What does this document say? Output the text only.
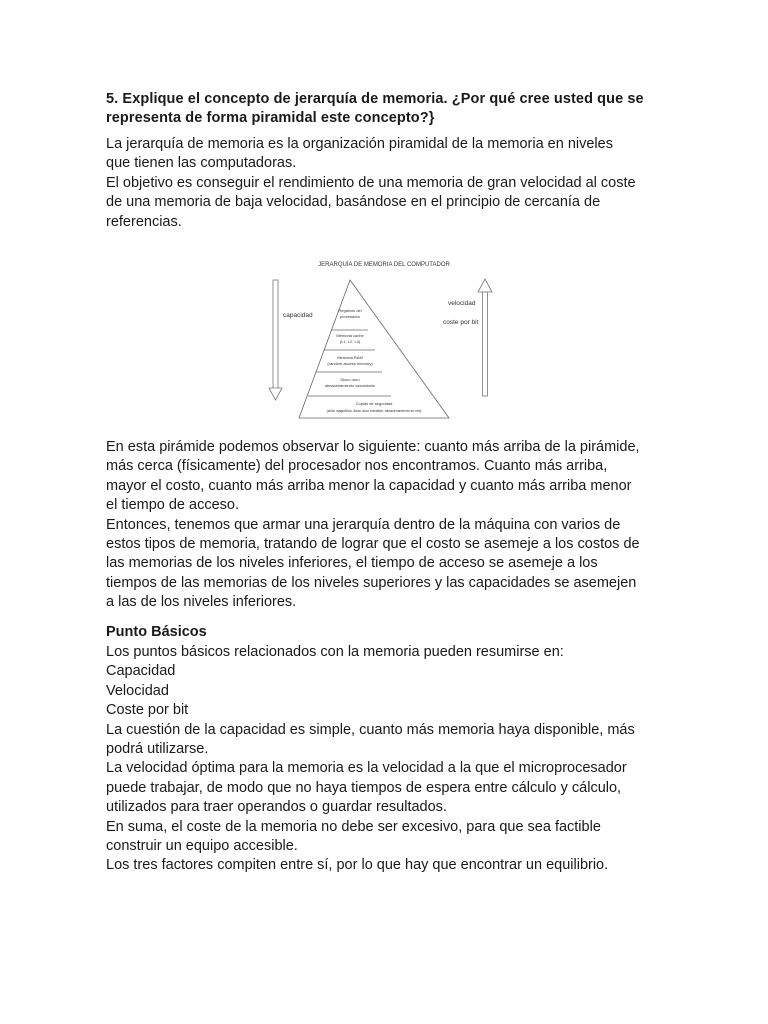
5. Explique el concepto de jerarquía de memoria. ¿Por qué cree usted que se
representa de forma piramidal este concepto?}

La jerarquía de memoria es la organización piramidal de la memoria en niveles
que tienen las computadoras.
El objetivo es conseguir el rendimiento de una memoria de gran velocidad al coste
de una memoria de baja velocidad, basándose en el principio de cercanía de
referencias.

JERARQUÍA DE MEMORIA DEL COMPUTADOR
capacidad
velocidad
coste por bit
Registros del
procesador
Memoria caché
(L1, L2, L3)
Memoria RAM
(random access memory)
Disco duro
almacenamiento secundario
Copias de seguridad
(cinta magnética, disco duro extraíble, almacenamiento en red)

En esta pirámide podemos observar lo siguiente: cuanto más arriba de la pirámide,
más cerca (físicamente) del procesador nos encontramos. Cuanto más arriba,
mayor el costo, cuanto más arriba menor la capacidad y cuanto más arriba menor
el tiempo de acceso.
Entonces, tenemos que armar una jerarquía dentro de la máquina con varios de
estos tipos de memoria, tratando de lograr que el costo se asemeje a los costos de
las memorias de los niveles inferiores, el tiempo de acceso se asemeje a los
tiempos de las memorias de los niveles superiores y las capacidades se asemejen
a las de los niveles inferiores.

Punto Básicos

Los puntos básicos relacionados con la memoria pueden resumirse en:
Capacidad
Velocidad
Coste por bit
La cuestión de la capacidad es simple, cuanto más memoria haya disponible, más
podrá utilizarse.
La velocidad óptima para la memoria es la velocidad a la que el microprocesador
puede trabajar, de modo que no haya tiempos de espera entre cálculo y cálculo,
utilizados para traer operandos o guardar resultados.
En suma, el coste de la memoria no debe ser excesivo, para que sea factible
construir un equipo accesible.
Los tres factores compiten entre sí, por lo que hay que encontrar un equilibrio.
